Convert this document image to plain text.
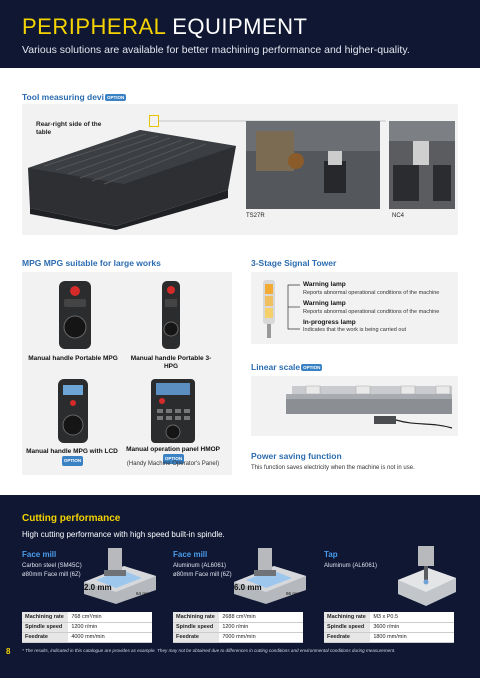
PERIPHERAL EQUIPMENT
Various solutions are available for better machining performance and higher-quality.
Tool measuring devi OPTION
Rear-right side of the table
TS27R	NC4
MPG MPG suitable for large works
Manual handle Portable MPG	Manual handle Portable 3-HPG
Manual handle MPG with LCD OPTION
Manual operation panel HMOP OPTION
(Handy Machine Operator's Panel)
3-Stage Signal Tower
Warning lamp
Reports abnormal operational conditions of the machine
Warning lamp
Reports abnormal operational conditions of the machine
In-progress lamp
Indicates that the work is being carried out
Linear scale OPTION
Power saving function
This function saves electricity when the machine is not in use.
Cutting performance
High cutting performance with high speed built-in spindle.
Face mill
Carbon steel (SM45C)
ø80mm Face mill (6Z)
2.0 mm
64 mm
Machining rate	768 cm³/min
Spindle speed	1200 r/min
Feedrate	4000 mm/min
Face mill
Aluminum (AL6061)
ø80mm Face mill (6Z)
6.0 mm
66 mm
Machining rate	2688 cm³/min
Spindle speed	1200 r/min
Feedrate	7000 mm/min
Tap
Aluminum (AL6061)
Machining rate	M3 x P0.5
Spindle speed	3600 r/min
Feedrate	1800 mm/min
8	* The results, indicated in this catalogue are provides as example. They may not be obtained due to differences in cutting conditions and environmental conditions during measurement.
